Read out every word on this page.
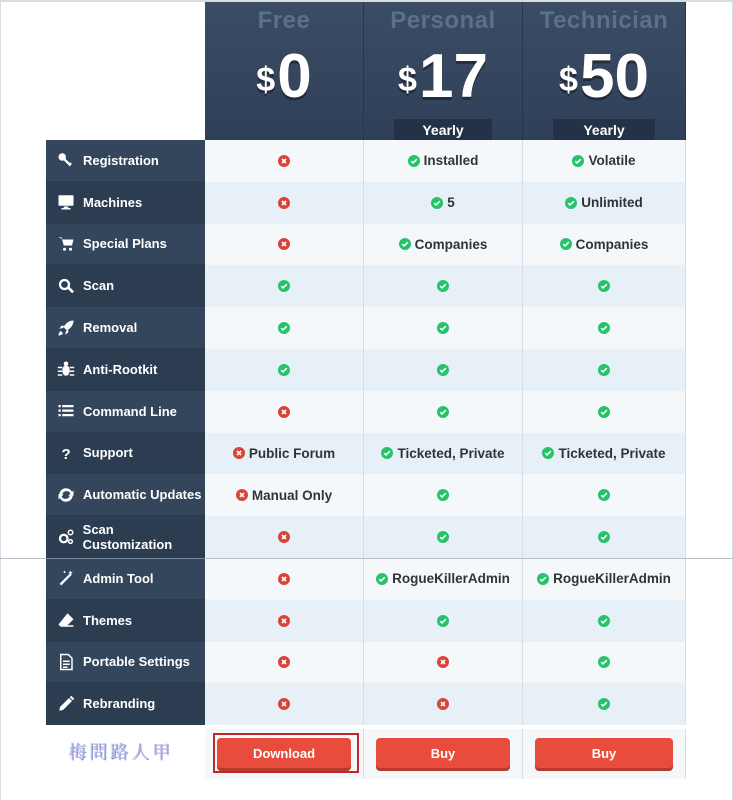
Free
$0
Personal
$17
Yearly
Technician
$50
Yearly
Registration
Machines
Special Plans
Scan
Removal
Anti-Rootkit
Command Line
? Support
Automatic Updates
Scan Customization
Admin Tool
Themes
Portable Settings
Rebranding
Public Forum
Manual Only
Installed
5
Companies
Ticketed, Private
RogueKillerAdmin
Volatile
Unlimited
Companies
Ticketed, Private
RogueKillerAdmin
Download	Buy	Buy
梅問路人甲
